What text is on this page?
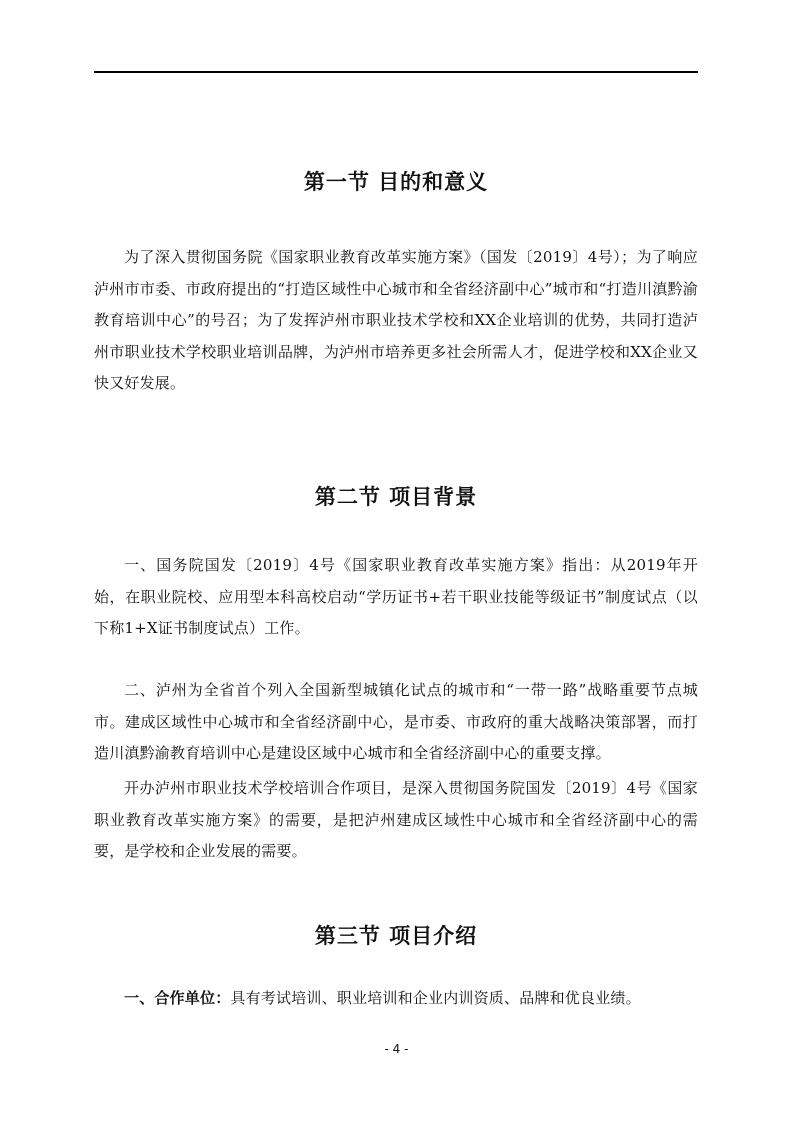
第一节 目的和意义

为了深入贯彻国务院《国家职业教育改革实施方案》（国发〔2019〕4号）；为了响应泸州市市委、市政府提出的“打造区域性中心城市和全省经济副中心”城市和“打造川滇黔渝教育培训中心”的号召；为了发挥泸州市职业技术学校和XX企业培训的优势，共同打造泸州市职业技术学校职业培训品牌，为泸州市培养更多社会所需人才，促进学校和XX企业又快又好发展。

第二节 项目背景

一、国务院国发〔2019〕4号《国家职业教育改革实施方案》指出：从2019年开始，在职业院校、应用型本科高校启动“学历证书+若干职业技能等级证书”制度试点（以下称1+X证书制度试点）工作。

二、泸州为全省首个列入全国新型城镇化试点的城市和“一带一路”战略重要节点城市。建成区域性中心城市和全省经济副中心，是市委、市政府的重大战略决策部署，而打造川滇黔渝教育培训中心是建设区域中心城市和全省经济副中心的重要支撑。

开办泸州市职业技术学校培训合作项目，是深入贯彻国务院国发〔2019〕4号《国家职业教育改革实施方案》的需要，是把泸州建成区域性中心城市和全省经济副中心的需要，是学校和企业发展的需要。

第三节 项目介绍

一、合作单位：具有考试培训、职业培训和企业内训资质、品牌和优良业绩。

- 4 -
